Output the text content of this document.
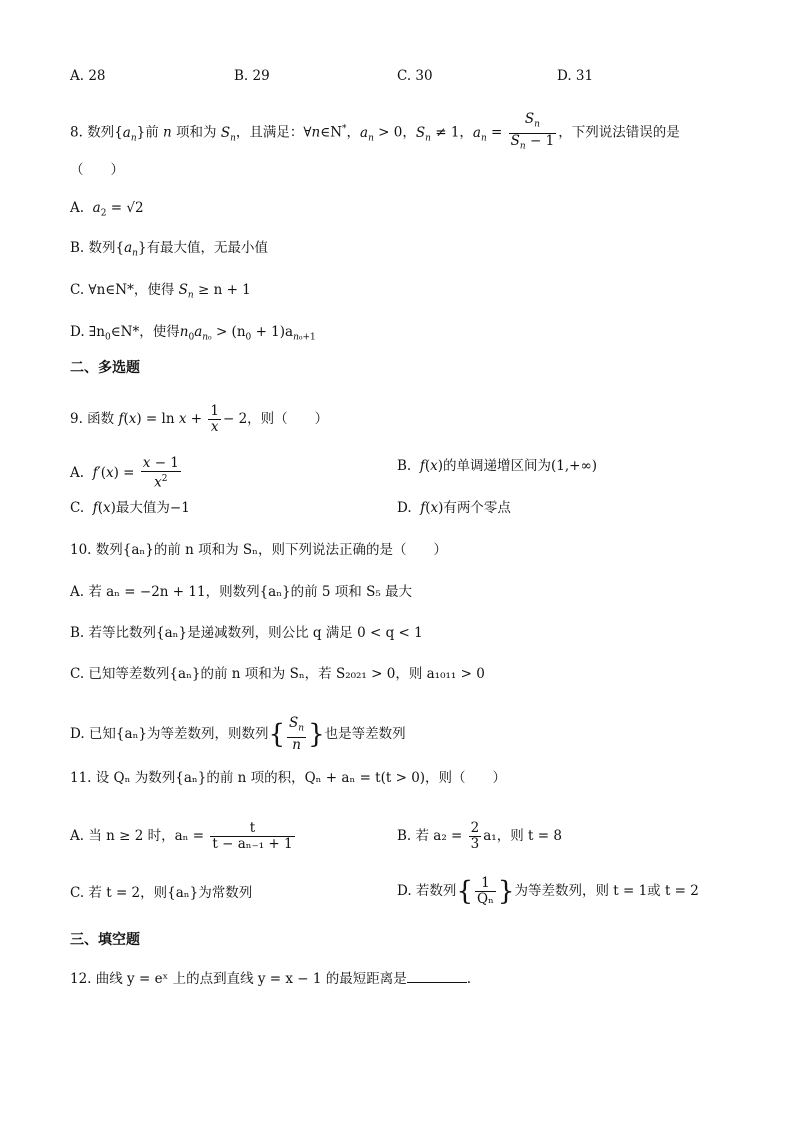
A. 28	B. 29	C. 30	D. 31
8. 数列$\{a_n\}$前 n 项和为 $S_n$，且满足：∀n∈N*，$a_n > 0$，$S_n \ne 1$，$a_n = \frac{S_n}{S_n - 1}$ ，下列说法错误的是
（　　）
A. $a_2 = √2$
B. 数列$\{a_n\}$有最大值，无最小值
C. ∀n∈N*，使得 $S_n \ge n + 1$
D. $\exists n_0\in N*$，使得$n_0a_{n_0} > (n_0 + 1)a_{n_0+1}$
二、多选题
9. 函数 $f(x) = \ln x + \frac{1}{x} - 2$，则（　　）
A. $f'(x) = \frac{x - 1}{x^2}$	B. f(x)的单调递增区间为(1,+∞)
C. f(x)最大值为−1	D. f(x)有两个零点
10. 数列{aₙ}的前 n 项和为 Sₙ，则下列说法正确的是（　　）
A. 若 aₙ = −2n + 11，则数列{aₙ}的前 5 项和 S₅ 最大
B. 若等比数列{aₙ}是递减数列，则公比 q 满足 0 < q < 1
C. 已知等差数列{aₙ}的前 n 项和为 Sₙ，若 S₂₀₂₁ > 0，则 a₁₀₁₁ > 0
D. 已知{aₙ}为等差数列，则数列{ $\frac{S_n}{n}$ }也是等差数列
11. 设 Qₙ 为数列{aₙ}的前 n 项的积，Qₙ + aₙ = t(t > 0)，则（　　）
A. 当 n ≥ 2 时，$a_n = \frac{t}{\text{t − aₙ₋₁ + 1}}$	B. 若 $a_2 = \frac{2}{3} a_1$，则 t = 8
C. 若 t = 2，则{aₙ}为常数列	D. 若数列{ $\frac{1}{\text{Qₙ}}$ }为等差数列，则 t = 1或 t = 2
三、填空题
12. 曲线 y = eˣ 上的点到直线 y = x − 1 的最短距离是	.
